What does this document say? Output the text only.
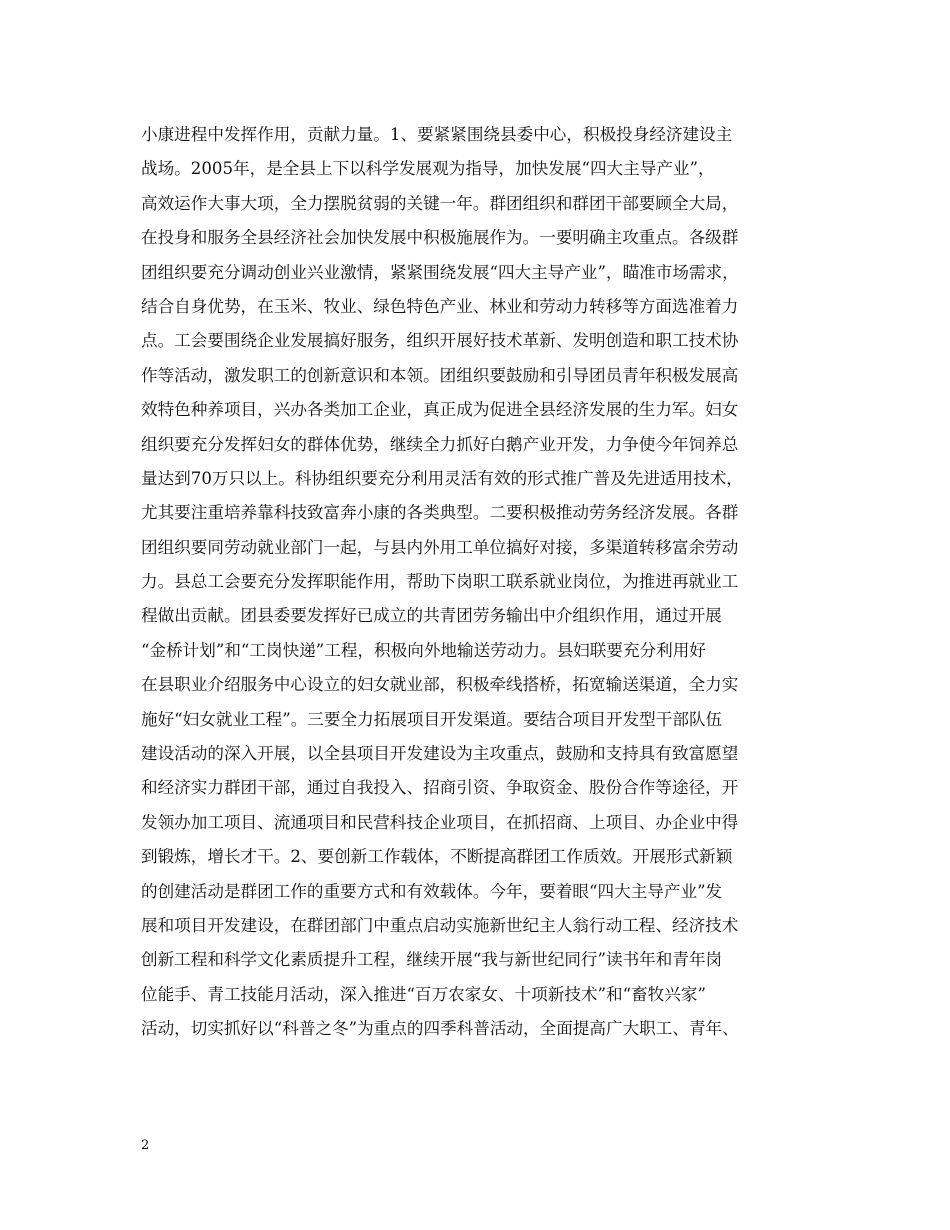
小康进程中发挥作用，贡献力量。1、要紧紧围绕县委中心，积极投身经济建设主
战场。2005年，是全县上下以科学发展观为指导，加快发展“四大主导产业”，
高效运作大事大项，全力摆脱贫弱的关键一年。群团组织和群团干部要顾全大局，
在投身和服务全县经济社会加快发展中积极施展作为。一要明确主攻重点。各级群
团组织要充分调动创业兴业激情，紧紧围绕发展“四大主导产业”，瞄准市场需求，
结合自身优势，在玉米、牧业、绿色特色产业、林业和劳动力转移等方面选准着力
点。工会要围绕企业发展搞好服务，组织开展好技术革新、发明创造和职工技术协
作等活动，激发职工的创新意识和本领。团组织要鼓励和引导团员青年积极发展高
效特色种养项目，兴办各类加工企业，真正成为促进全县经济发展的生力军。妇女
组织要充分发挥妇女的群体优势，继续全力抓好白鹅产业开发，力争使今年饲养总
量达到70万只以上。科协组织要充分利用灵活有效的形式推广普及先进适用技术，
尤其要注重培养靠科技致富奔小康的各类典型。二要积极推动劳务经济发展。各群
团组织要同劳动就业部门一起，与县内外用工单位搞好对接，多渠道转移富余劳动
力。县总工会要充分发挥职能作用，帮助下岗职工联系就业岗位，为推进再就业工
程做出贡献。团县委要发挥好已成立的共青团劳务输出中介组织作用，通过开展
“金桥计划”和“工岗快递”工程，积极向外地输送劳动力。县妇联要充分利用好
在县职业介绍服务中心设立的妇女就业部，积极牵线搭桥，拓宽输送渠道，全力实
施好“妇女就业工程”。三要全力拓展项目开发渠道。要结合项目开发型干部队伍
建设活动的深入开展，以全县项目开发建设为主攻重点，鼓励和支持具有致富愿望
和经济实力群团干部，通过自我投入、招商引资、争取资金、股份合作等途径，开
发领办加工项目、流通项目和民营科技企业项目，在抓招商、上项目、办企业中得
到锻炼，增长才干。2、要创新工作载体，不断提高群团工作质效。开展形式新颖
的创建活动是群团工作的重要方式和有效载体。今年，要着眼“四大主导产业”发
展和项目开发建设，在群团部门中重点启动实施新世纪主人翁行动工程、经济技术
创新工程和科学文化素质提升工程，继续开展“我与新世纪同行”读书年和青年岗
位能手、青工技能月活动，深入推进“百万农家女、十项新技术”和“畜牧兴家”
活动，切实抓好以“科普之冬”为重点的四季科普活动，全面提高广大职工、青年、
2
